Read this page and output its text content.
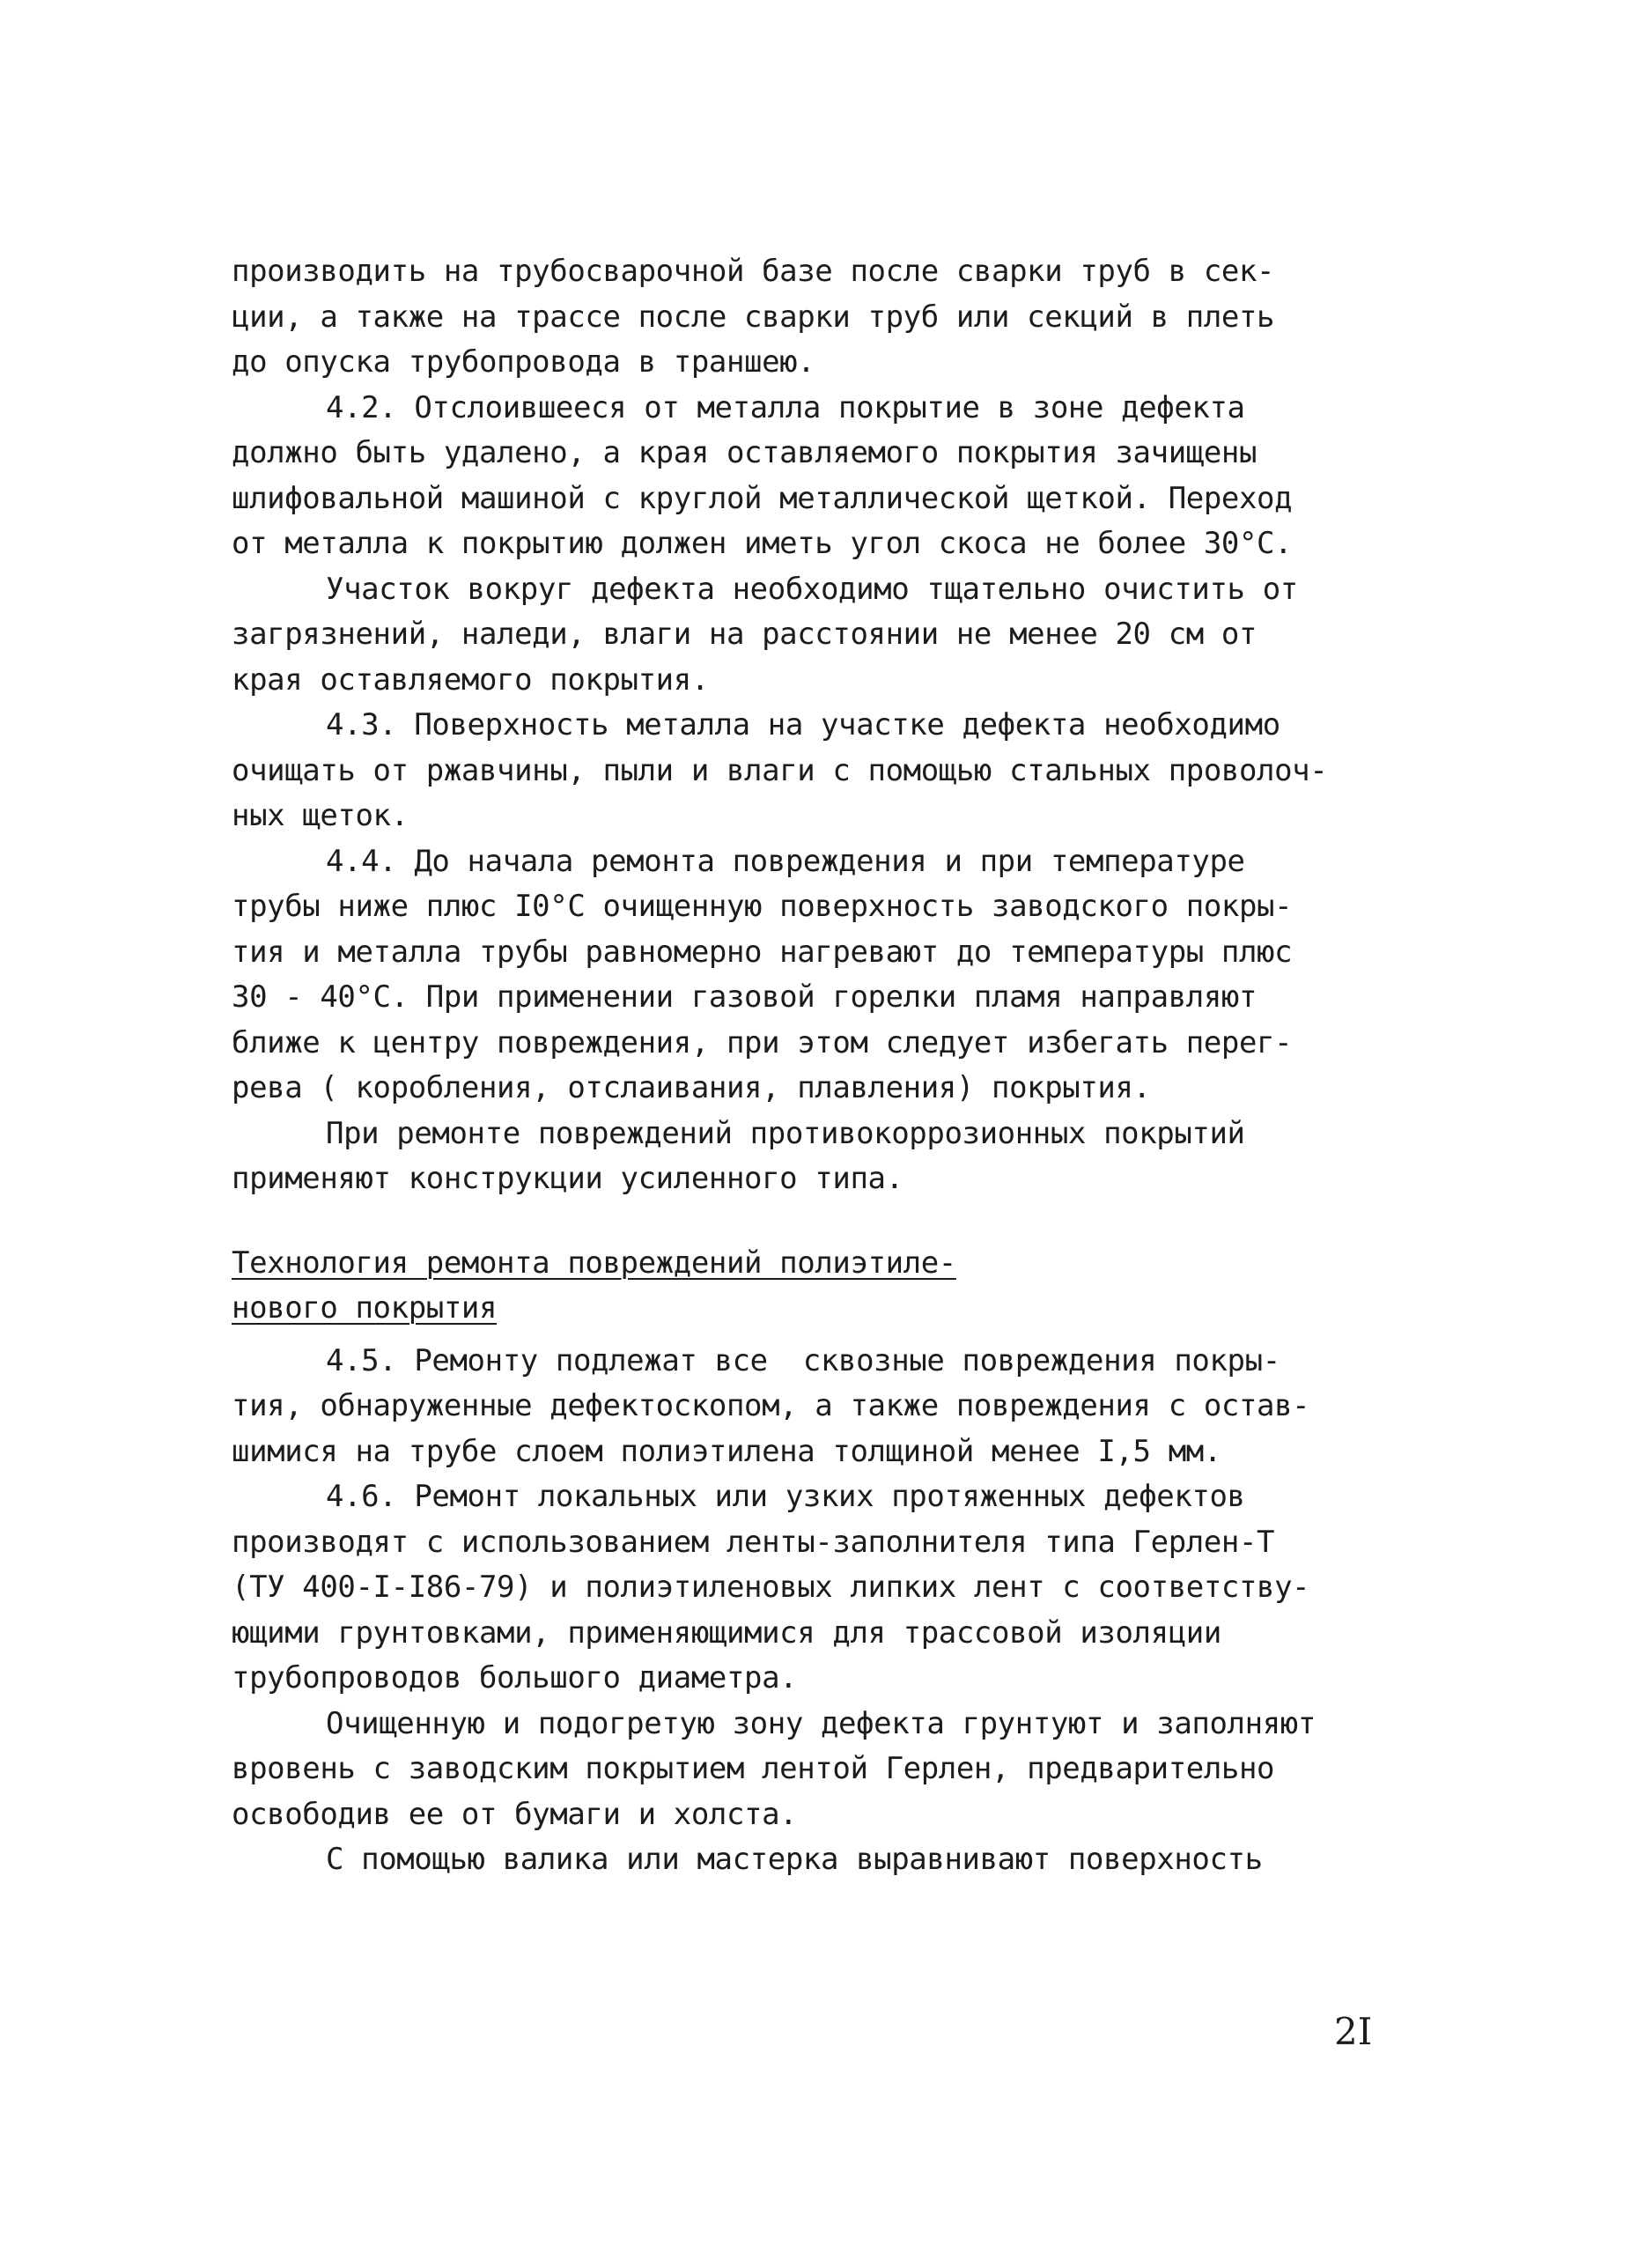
производить на трубосварочной базе после сварки труб в сек-
ции, а также на трассе после сварки труб или секций в плеть
до опуска трубопровода в траншею.
4.2. Отслоившееся от металла покрытие в зоне дефекта
должно быть удалено, а края оставляемого покрытия зачищены
шлифовальной машиной с круглой металлической щеткой. Переход
от металла к покрытию должен иметь угол скоса не более 30°С.
Участок вокруг дефекта необходимо тщательно очистить от
загрязнений, наледи, влаги на расстоянии не менее 20 см от
края оставляемого покрытия.
4.3. Поверхность металла на участке дефекта необходимо
очищать от ржавчины, пыли и влаги с помощью стальных проволоч-
ных щеток.
4.4. До начала ремонта повреждения и при температуре
трубы ниже плюс I0°С очищенную поверхность заводского покры-
тия и металла трубы равномерно нагревают до температуры плюс
30 - 40°С. При применении газовой горелки пламя направляют
ближе к центру повреждения, при этом следует избегать перег-
рева ( коробления, отслаивания, плавления) покрытия.
При ремонте повреждений противокоррозионных покрытий
применяют конструкции усиленного типа.
Технология ремонта повреждений полиэтиле-
нового покрытия
4.5. Ремонту подлежат все  сквозные повреждения покры-
тия, обнаруженные дефектоскопом, а также повреждения с остав-
шимися на трубе слоем полиэтилена толщиной менее I,5 мм.
4.6. Ремонт локальных или узких протяженных дефектов
производят с использованием ленты-заполнителя типа Герлен-Т
(ТУ 400-I-I86-79) и полиэтиленовых липких лент с соответству-
ющими грунтовками, применяющимися для трассовой изоляции
трубопроводов большого диаметра.
Очищенную и подогретую зону дефекта грунтуют и заполняют
вровень с заводским покрытием лентой Герлен, предварительно
освободив ее от бумаги и холста.
С помощью валика или мастерка выравнивают поверхность
2I
